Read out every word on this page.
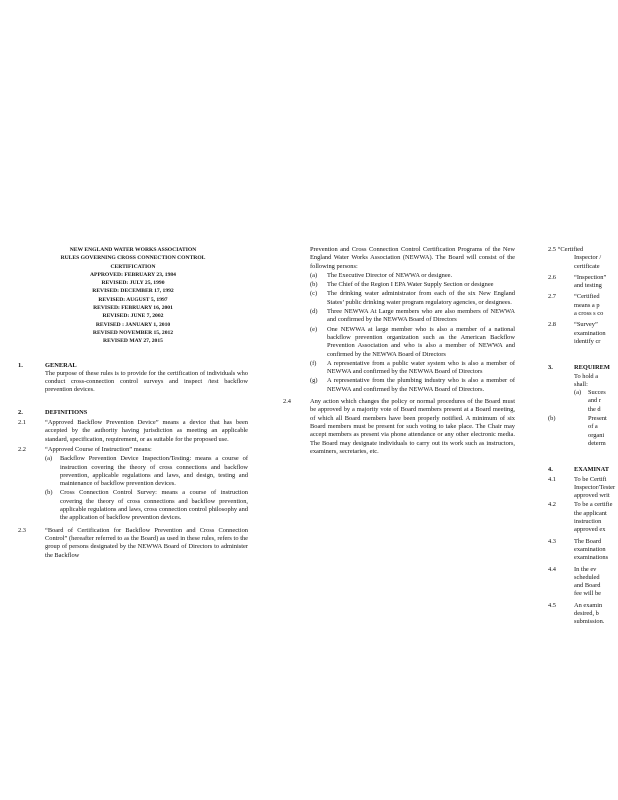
NEW ENGLAND WATER WORKS ASSOCIATION
RULES GOVERNING CROSS CONNECTION CONTROL
CERTIFICATION
APPROVED: FEBRUARY 23, 1984
REVISED: JULY 25, 1990
REVISED: DECEMBER 17, 1992
REVISED: AUGUST 5, 1997
REVISED: FEBRUARY 16, 2001
REVISED: JUNE 7, 2002
REVISED : JANUARY 1, 2010
REVISED NOVEMBER 15, 2012
REVISED MAY 27, 2015
1.	GENERAL
The purpose of these rules is to provide for the certification of individuals who conduct cross-connection control surveys and inspect /test backflow prevention devices.
2.	DEFINITIONS
2.1	“Approved Backflow Prevention Device” means a device that has been accepted by the authority having jurisdiction as meeting an applicable standard, specification, requirement, or as suitable for the proposed use.
2.2	“Approved Course of Instruction” means:
(a)	Backflow Prevention Device Inspection/Testing: means a course of instruction covering the theory of cross connections and backflow prevention, applicable regulations and laws, and design, testing and maintenance of backflow prevention devices.
(b)	Cross Connection Control Survey: means a course of instruction covering the theory of cross connections and backflow prevention, applicable regulations and laws, cross connection control philosophy and the application of backflow prevention devices.
2.3	“Board of Certification for Backflow Prevention and Cross Connection Control” (hereafter referred to as the Board) as used in these rules, refers to the group of persons designated by the NEWWA Board of Directors to administer the Backflow
Prevention and Cross Connection Control Certification Programs of the New England Water Works Association (NEWWA). The Board will consist of the following persons:
(a)	The Executive Director of NEWWA or designee.
(b)	The Chief of the Region I EPA Water Supply Section or designee
(c)	The drinking water administrator from each of the six New England States’ public drinking water program regulatory agencies, or designees.
(d)	Three NEWWA At Large members who are also members of NEWWA and confirmed by the NEWWA Board of Directors
(e)	One NEWWA at large member who is also a member of a national backflow prevention organization such as the American Backflow Prevention Association and who is also a member of NEWWA and confirmed by the NEWWA Board of Directors
(f)	A representative from a public water system who is also a member of NEWWA and confirmed by the NEWWA Board of Directors
(g)	A representative from the plumbing industry who is also a member of NEWWA and confirmed by the NEWWA Board of Directors.
2.4	Any action which changes the policy or normal procedures of the Board must be approved by a majority vote of Board members present at a Board meeting, of which all Board members have been properly notified. A minimum of six Board members must be present for such voting to take place. The Chair may accept members as present via phone attendance or any other electronic media. The Board may designate individuals to carry out its work such as instructors, examiners, secretaries, etc.
2.5 “Certified
Inspector /
certificate
2.6	“Inspection”
and testing
2.7	“Certified
means a p
a cross s co
2.8	“Survey”
examination
identify cr
3.	REQUIREM
To hold a
shall:
(a)	Succes
and r
the d
(b)	Present
of a
organi
determ
4.	EXAMINAT
4.1	To be Certifi
Inspector/Tester
approved writ
4.2	To be a certifie
the applicant
instruction
approved ex
4.3	The Board
examination
examinations
4.4	In the ev
scheduled
and Board
fee will be
4.5	An examin
desired, b
submission.
